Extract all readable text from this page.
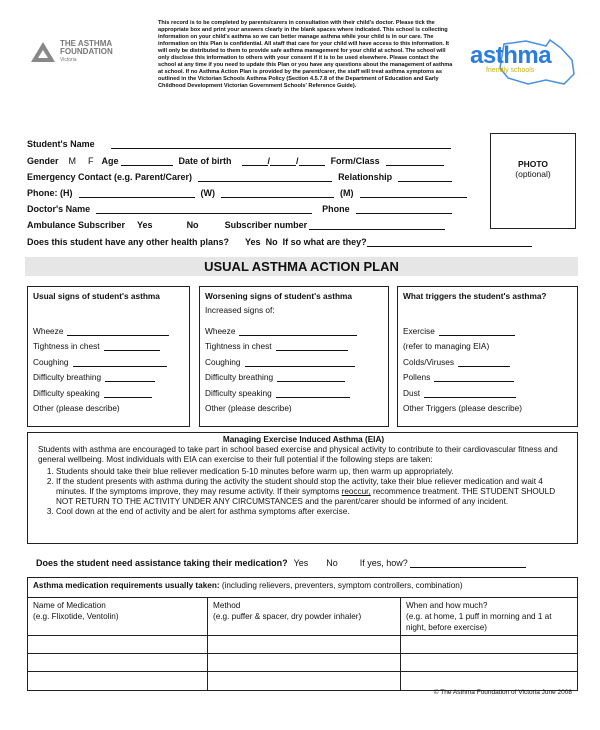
THE ASTHMA FOUNDATION
Victoria
This record is to be completed by parents/carers in consultation with their child's doctor. Please tick the appropriate box and print your answers clearly in the blank spaces where indicated. This school is collecting information on your child's asthma so we can better manage asthma while your child is in our care. The information on this Plan is confidential. All staff that care for your child will have access to this information. It will only be distributed to them to provide safe asthma management for your child at school. The school will only disclose this information to others with your consent if it is to be used elsewhere. Please contact the school at any time if you need to update this Plan or you have any questions about the management of asthma at school. If no Asthma Action Plan is provided by the parent/carer, the staff will treat asthma symptoms as outlined in the Victorian Schools Asthma Policy (Section 4.5.7.8 of the Department of Education and Early Childhood Development Victorian Government Schools' Reference Guide).
asthma
friendly schools
Student's Name
Gender M F Age	Date of birth	/	/	Form/Class
Emergency Contact (e.g. Parent/Carer)	Relationship
Phone: (H)	(W)	(M)
Doctor's Name	Phone
Ambulance Subscriber Yes	No	Subscriber number
Does this student have any other health plans? Yes No If so what are they?
PHOTO
(optional)
USUAL ASTHMA ACTION PLAN
Usual signs of student's asthma
Wheeze
Tightness in chest
Coughing
Difficulty breathing
Difficulty speaking
Other (please describe)
Worsening signs of student's asthma
Increased signs of:
Wheeze
Tightness in chest
Coughing
Difficulty breathing
Difficulty speaking
Other (please describe)
What triggers the student's asthma?
Exercise
(refer to managing EIA)
Colds/Viruses
Pollens
Dust
Other Triggers (please describe)
Managing Exercise Induced Asthma (EIA)
Students with asthma are encouraged to take part in school based exercise and physical activity to contribute to their cardiovascular fitness and general wellbeing. Most individuals with EIA can exercise to their full potential if the following steps are taken:
1. Students should take their blue reliever medication 5-10 minutes before warm up, then warm up appropriately.
2. If the student presents with asthma during the activity the student should stop the activity, take their blue reliever medication and wait 4 minutes. If the symptoms improve, they may resume activity. If their symptoms reoccur, recommence treatment. THE STUDENT SHOULD NOT RETURN TO THE ACTIVITY UNDER ANY CIRCUMSTANCES and the parent/carer should be informed of any incident.
3. Cool down at the end of activity and be alert for asthma symptoms after exercise.
Does the student need assistance taking their medication? Yes No If yes, how?
Asthma medication requirements usually taken: (including relievers, preventers, symptom controllers, combination)

Name of Medication
(e.g. Flixotide, Ventolin)

Method
(e.g. puffer & spacer, dry powder inhaler)

When and how much?
(e.g. at home, 1 puff in morning and 1 at night, before exercise)

© The Asthma Foundation of Victoria June 2008
